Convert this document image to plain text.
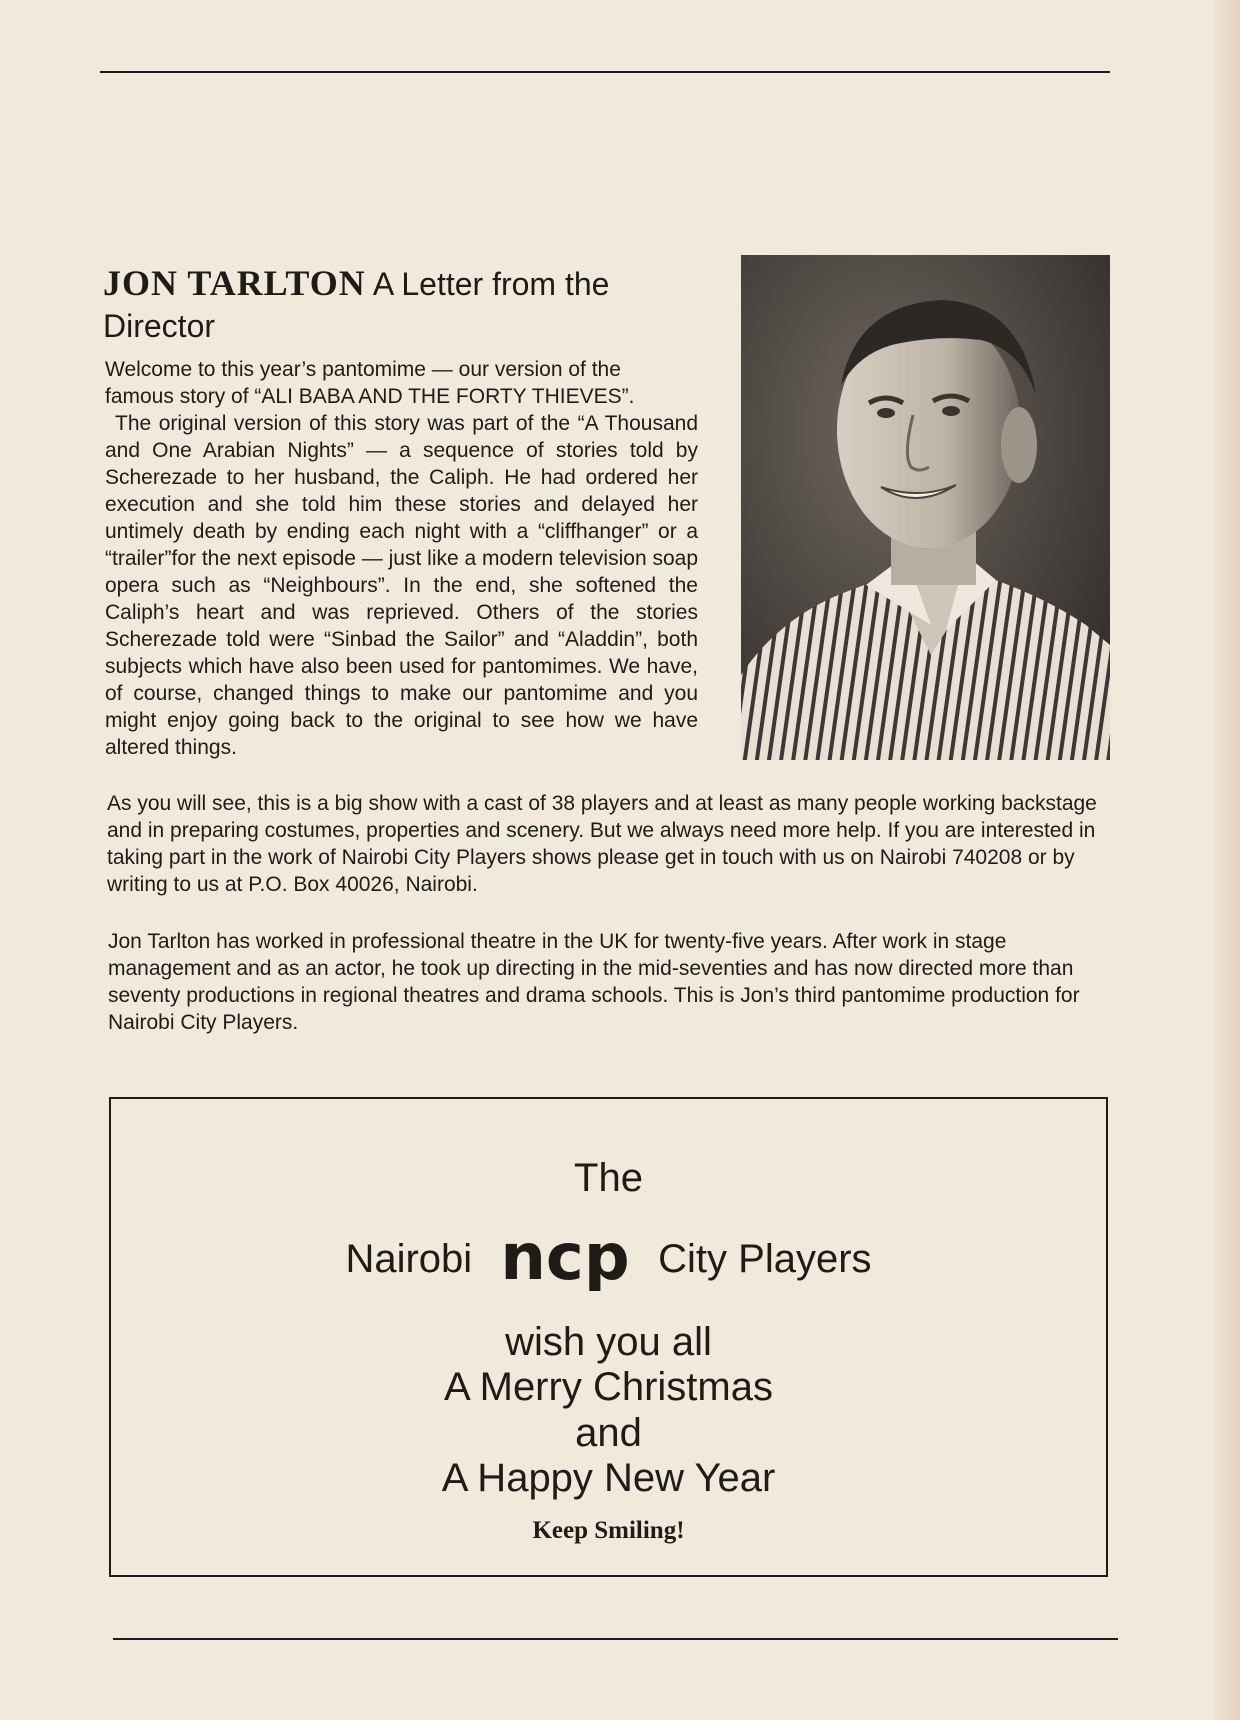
JON TARLTON A Letter from the Director
Welcome to this year’s pantomime — our version of the
famous story of “ALI BABA AND THE FORTY THIEVES”.
The original version of this story was part of the “A Thousand and One Arabian Nights” — a sequence of stories told by Scherezade to her husband, the Caliph. He had ordered her execution and she told him these stories and delayed her untimely death by ending each night with a “cliffhanger” or a “trailer”for the next episode — just like a modern television soap opera such as “Neighbours”. In the end, she softened the Caliph’s heart and was reprieved. Others of the stories Scherezade told were “Sinbad the Sailor” and “Aladdin”, both subjects which have also been used for pantomimes. We have, of course, changed things to make our pantomime and you might enjoy going back to the original to see how we have altered things.

As you will see, this is a big show with a cast of 38 players and at least as many people working backstage and in preparing costumes, properties and scenery. But we always need more help. If you are interested in taking part in the work of Nairobi City Players shows please get in touch with us on Nairobi 740208 or by writing to us at P.O. Box 40026, Nairobi.

Jon Tarlton has worked in professional theatre in the UK for twenty-five years. After work in stage management and as an actor, he took up directing in the mid-seventies and has now directed more than seventy productions in regional theatres and drama schools. This is Jon’s third pantomime production for Nairobi City Players.

The
Nairobi ncp City Players
wish you all
A Merry Christmas
and
A Happy New Year
Keep Smiling!
